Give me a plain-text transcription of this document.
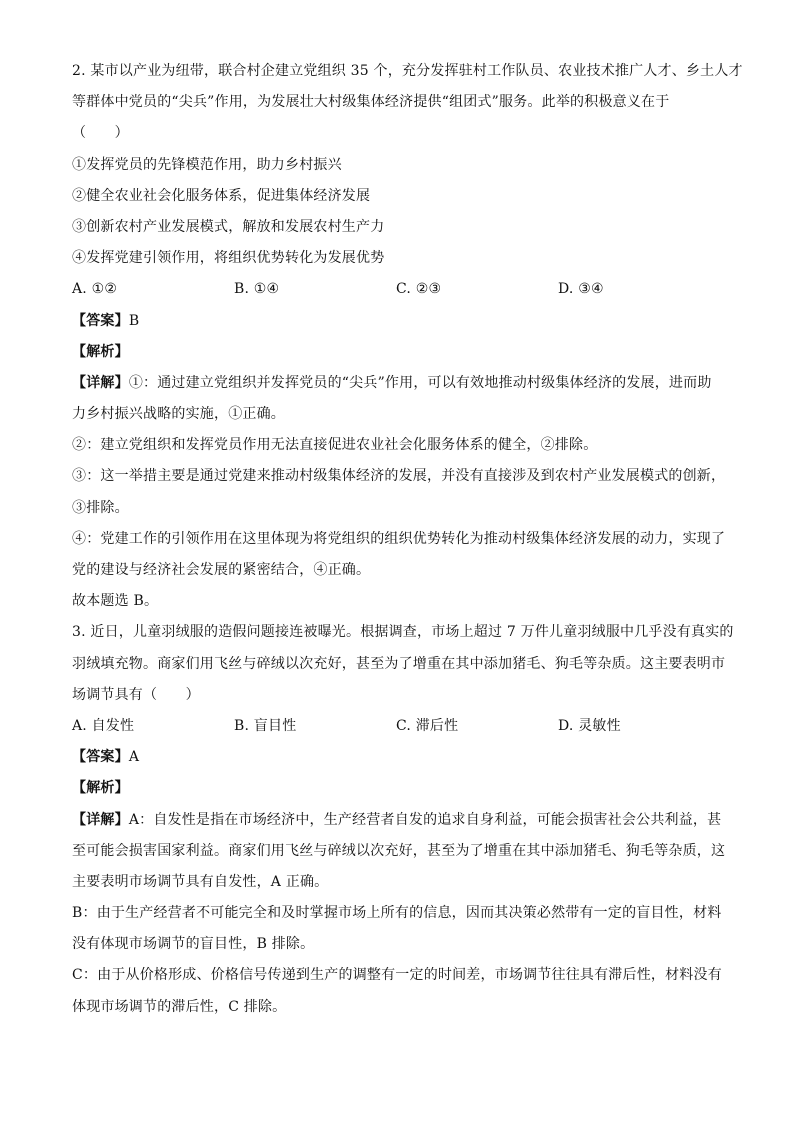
2. 某市以产业为纽带，联合村企建立党组织 35 个，充分发挥驻村工作队员、农业技术推广人才、乡土人才
等群体中党员的“尖兵”作用，为发展壮大村级集体经济提供“组团式”服务。此举的积极意义在于
（　　）
①发挥党员的先锋模范作用，助力乡村振兴
②健全农业社会化服务体系，促进集体经济发展
③创新农村产业发展模式，解放和发展农村生产力
④发挥党建引领作用，将组织优势转化为发展优势
A. ①②	B. ①④	C. ②③	D. ③④
【答案】B
【解析】
【详解】①：通过建立党组织并发挥党员的“尖兵”作用，可以有效地推动村级集体经济的发展，进而助
力乡村振兴战略的实施，①正确。
②：建立党组织和发挥党员作用无法直接促进农业社会化服务体系的健全，②排除。
③：这一举措主要是通过党建来推动村级集体经济的发展，并没有直接涉及到农村产业发展模式的创新，
③排除。
④：党建工作的引领作用在这里体现为将党组织的组织优势转化为推动村级集体经济发展的动力，实现了
党的建设与经济社会发展的紧密结合，④正确。
故本题选 B。
3. 近日，儿童羽绒服的造假问题接连被曝光。根据调查，市场上超过 7 万件儿童羽绒服中几乎没有真实的
羽绒填充物。商家们用飞丝与碎绒以次充好，甚至为了增重在其中添加猪毛、狗毛等杂质。这主要表明市
场调节具有（　　）
A. 自发性	B. 盲目性	C. 滞后性	D. 灵敏性
【答案】A
【解析】
【详解】A：自发性是指在市场经济中，生产经营者自发的追求自身利益，可能会损害社会公共利益，甚
至可能会损害国家利益。商家们用飞丝与碎绒以次充好，甚至为了增重在其中添加猪毛、狗毛等杂质，这
主要表明市场调节具有自发性，A 正确。
B：由于生产经营者不可能完全和及时掌握市场上所有的信息，因而其决策必然带有一定的盲目性，材料
没有体现市场调节的盲目性，B 排除。
C：由于从价格形成、价格信号传递到生产的调整有一定的时间差，市场调节往往具有滞后性，材料没有
体现市场调节的滞后性，C 排除。
